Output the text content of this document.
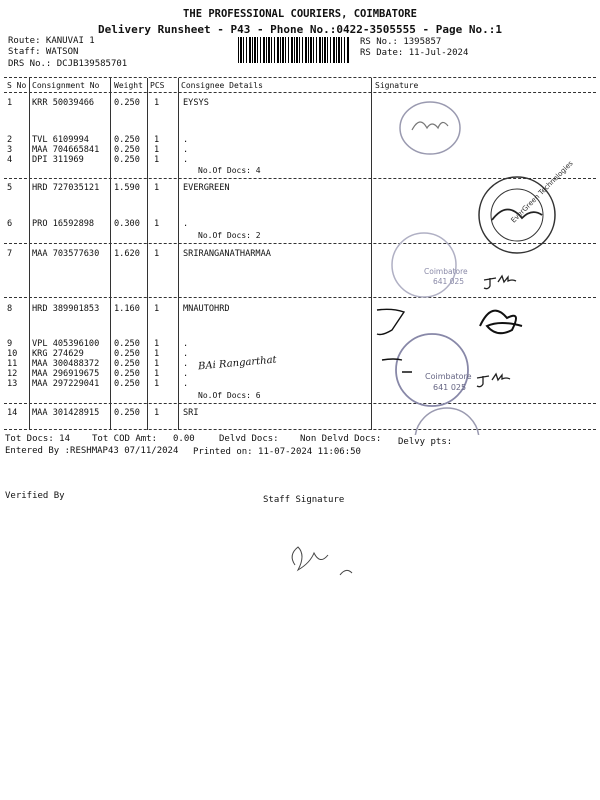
THE PROFESSIONAL COURIERS, COIMBATORE
Delivery Runsheet - P43 - Phone No.:0422-3505555 - Page No.:1
Route: KANUVAI 1
Staff: WATSON
DRS No.: DCJB139585701
RS No.: 1395857
RS Date: 11-Jul-2024
S No Consignment No Weight PCS Consignee Details	Signature
1 KRR 50039466 0.250 1	EYSYS
2 TVL 6109994	0.250 1	.
3 MAA 704665841 0.250 1	.
4 DPI 311969	0.250 1	.
No.Of Docs: 4
5 HRD 727035121 1.590 1	EVERGREEN
6 PRO 16592898 0.300 1	.
No.Of Docs: 2
7 MAA 703577630 1.620 1	SRIRANGANATHARMAA
8 HRD 389901853 1.160 1	MNAUTOHRD
9 VPL 405396100 0.250 1	.
10 KRG 274629	0.250 1	.
11 MAA 300488372 0.250 1	.
12 MAA 296919675 0.250 1	.
13 MAA 297229041 0.250 1	.
No.Of Docs: 6
14 MAA 301428915 0.250 1	SRI
Tot Docs: 14 Tot COD Amt: 0.00	Delvd Docs: Non Delvd Docs: Delvy pts:
Entered By :RESHMAP43 07/11/2024 Printed on: 11-07-2024 11:06:50
Verified By	Staff Signature
Coimbatore
641 025
Coimbatore
641 025
EverGreen Technologies
BAi Rangarthat
